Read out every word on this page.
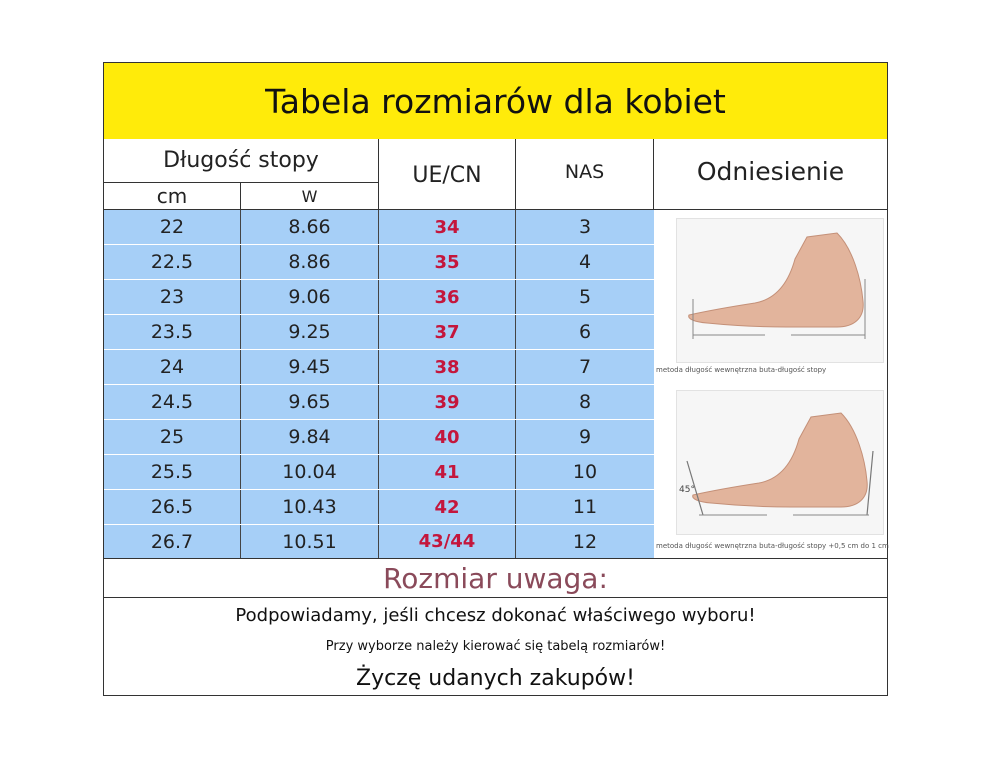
Tabela rozmiarów dla kobiet
Długość stopy
cm	W
UE/CN	NAS	Odniesienie
22	8.66	34	3
22.5	8.86	35	4
23	9.06	36	5
23.5	9.25	37	6
24	9.45	38	7
24.5	9.65	39	8
25	9.84	40	9
25.5	10.04	41	10
26.5	10.43	42	11
26.7	10.51	43/44	12
metoda długość wewnętrzna buta-długość stopy
45°
metoda długość wewnętrzna buta-długość stopy +0,5 cm do 1 cm
Rozmiar uwaga:
Podpowiadamy, jeśli chcesz dokonać właściwego wyboru!
Przy wyborze należy kierować się tabelą rozmiarów!
Życzę udanych zakupów!
